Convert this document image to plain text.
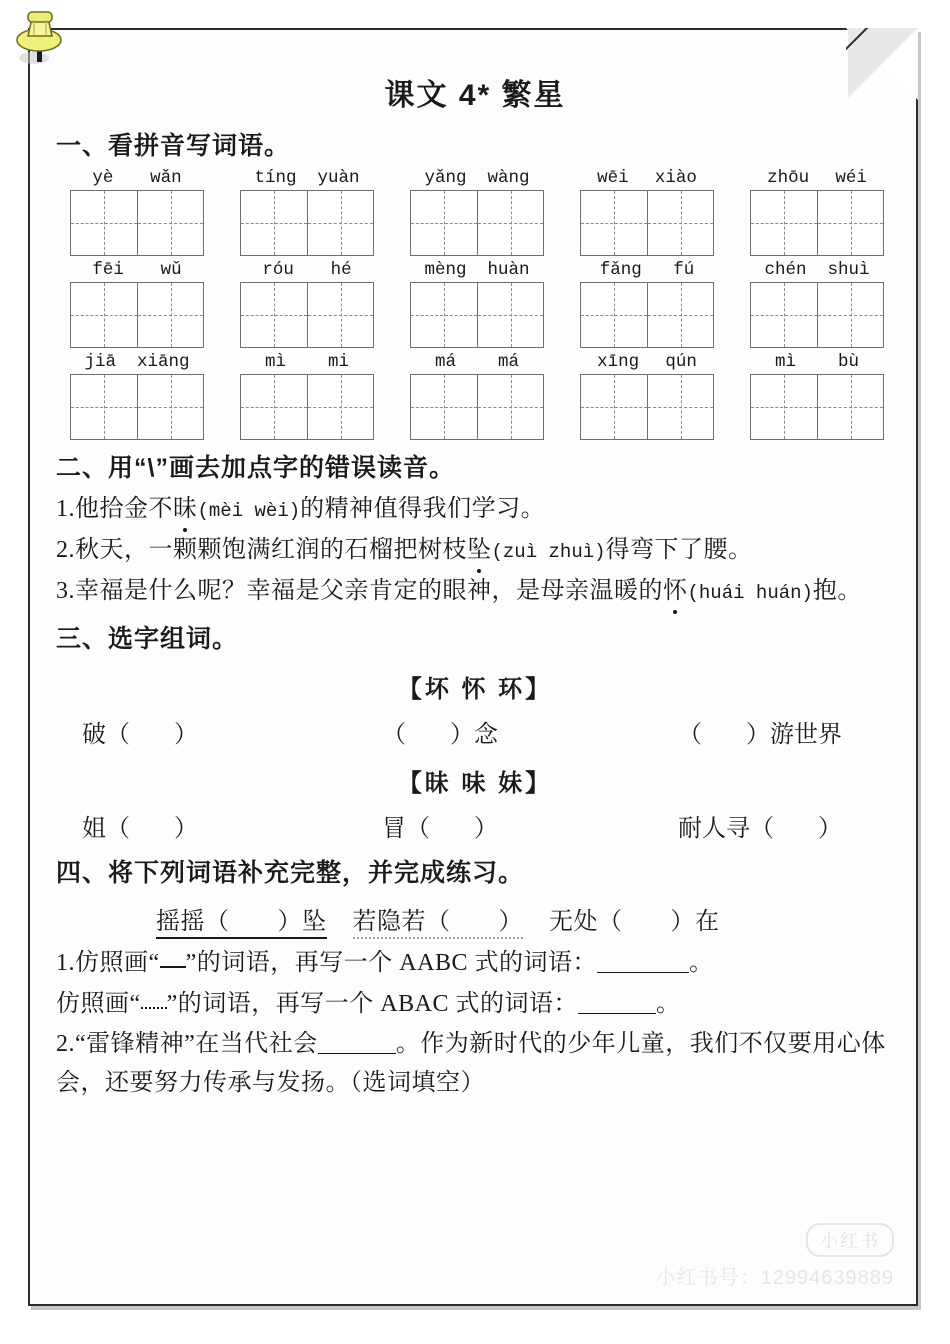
课文 4* 繁星
一、看拼音写词语。
yè wǎn	tíng yuàn	yǎng wàng	wēi xiào	zhōu wéi
fēi wǔ	róu hé	mèng huàn	fǎng fú	chén shuì
jiā xiāng	mì mi	má má	xīng qún	mì bù
二、用“\”画去加点字的错误读音。
1.他拾金不昧(mèi wèi)的精神值得我们学习。
2.秋天，一颗颗饱满红润的石榴把树枝坠(zuì zhuì)得弯下了腰。
3.幸福是什么呢？幸福是父亲肯定的眼神，是母亲温暖的怀(huái huán)抱。
三、选字组词。
【坏 怀 环】
破（ ）	（ ）念	（ ）游世界
【昧 味 妹】
姐（ ）	冒（ ）	耐人寻（ ）
四、将下列词语补充完整，并完成练习。
摇摇（ ）坠 若隐若（ ） 无处（ ）在
1.仿照画“ ”的词语，再写一个 AABC 式的词语：	。
仿照画“ ”的词语，再写一个 ABAC 式的词语：	。
2.“雷锋精神”在当代社会	。作为新时代的少年儿童，我们不仅要用心体会，还要努力传承与发扬。（选词填空）
小红书
小红书号：12994639889
